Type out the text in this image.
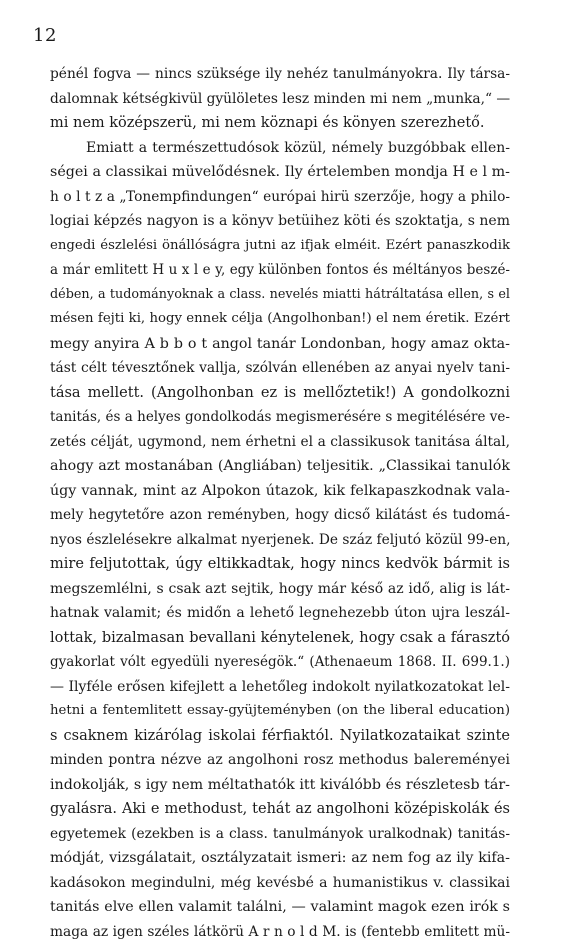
12
pénél fogva — nincs szüksége ily nehéz tanulmányokra. Ily társa-
dalomnak kétségkivül gyülöletes lesz minden mi nem „munka,“ —
mi nem középszerü, mi nem köznapi és könyen szerezhető.
Emiatt a természettudósok közül, némely buzgóbbak ellen-
ségei a classikai müvelődésnek. Ily értelemben mondja H e l m-
h o l t z a „Tonempfindungen“ európai hirü szerzője, hogy a philo-
logiai képzés nagyon is a könyv betüihez köti és szoktatja, s nem
engedi észlelési önállóságra jutni az ifjak elméit. Ezért panaszkodik
a már emlitett H u x l e y, egy különben fontos és méltányos beszé-
dében, a tudományoknak a class. nevelés miatti hátráltatása ellen, s el
mésen fejti ki, hogy ennek célja (Angolhonban!) el nem éretik. Ezért
megy anyira A b b o t angol tanár Londonban, hogy amaz okta-
tást célt tévesztőnek vallja, szólván ellenében az anyai nyelv tani-
tása mellett. (Angolhonban ez is mellőztetik!) A gondolkozni
tanitás, és a helyes gondolkodás megismerésére s megitélésére ve-
zetés célját, ugymond, nem érhetni el a classikusok tanitása által,
ahogy azt mostanában (Angliában) teljesitik. „Classikai tanulók
úgy vannak, mint az Alpokon útazok, kik felkapaszkodnak vala-
mely hegytetőre azon reményben, hogy dicső kilátást és tudomá-
nyos észlelésekre alkalmat nyerjenek. De száz feljutó közül 99-en,
mire feljutottak, úgy eltikkadtak, hogy nincs kedvök bármit is
megszemlélni, s csak azt sejtik, hogy már késő az idő, alig is lát-
hatnak valamit; és midőn a lehető legnehezebb úton ujra leszál-
lottak, bizalmasan bevallani kénytelenek, hogy csak a fárasztó
gyakorlat vólt egyedüli nyereségök.“ (Athenaeum 1868. II. 699.1.)
— Ilyféle erősen kifejlett a lehetőleg indokolt nyilatkozatokat lel-
hetni a fentemlitett essay-gyüjteményben (on the liberal education)
s csaknem kizárólag iskolai férfiaktól. Nyilatkozataikat szinte
minden pontra nézve az angolhoni rosz methodus balereményei
indokolják, s igy nem méltathatók itt kiválóbb és részletesb tár-
gyalásra. Aki e methodust, tehát az angolhoni középiskolák és
egyetemek (ezekben is a class. tanulmányok uralkodnak) tanitás-
módját, vizsgálatait, osztályzatait ismeri: az nem fog az ily kifa-
kadásokon megindulni, még kevésbé a humanistikus v. classikai
tanitás elve ellen valamit találni, — valamint magok ezen irók s
maga az igen széles látkörü A r n o l d M. is (fentebb emlitett mü-
